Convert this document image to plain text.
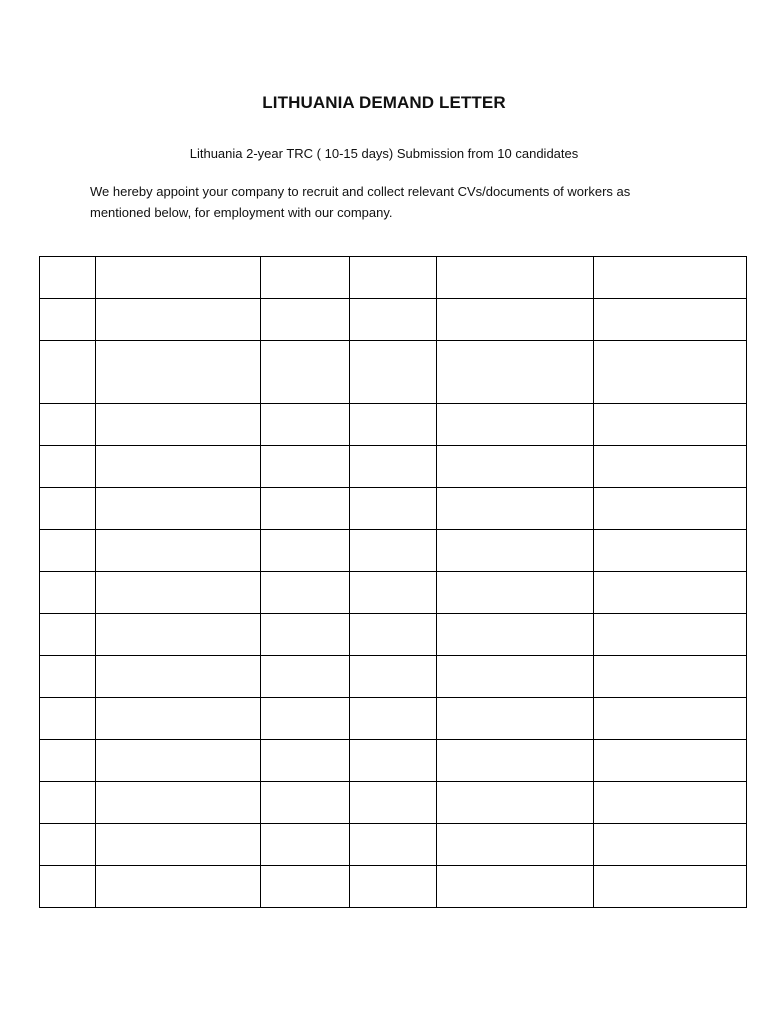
LITHUANIA DEMAND LETTER
Lithuania 2-year TRC ( 10-15 days) Submission from 10 candidates
We hereby appoint your company to recruit and collect relevant CVs/documents of workers as mentioned below, for employment with our company.
